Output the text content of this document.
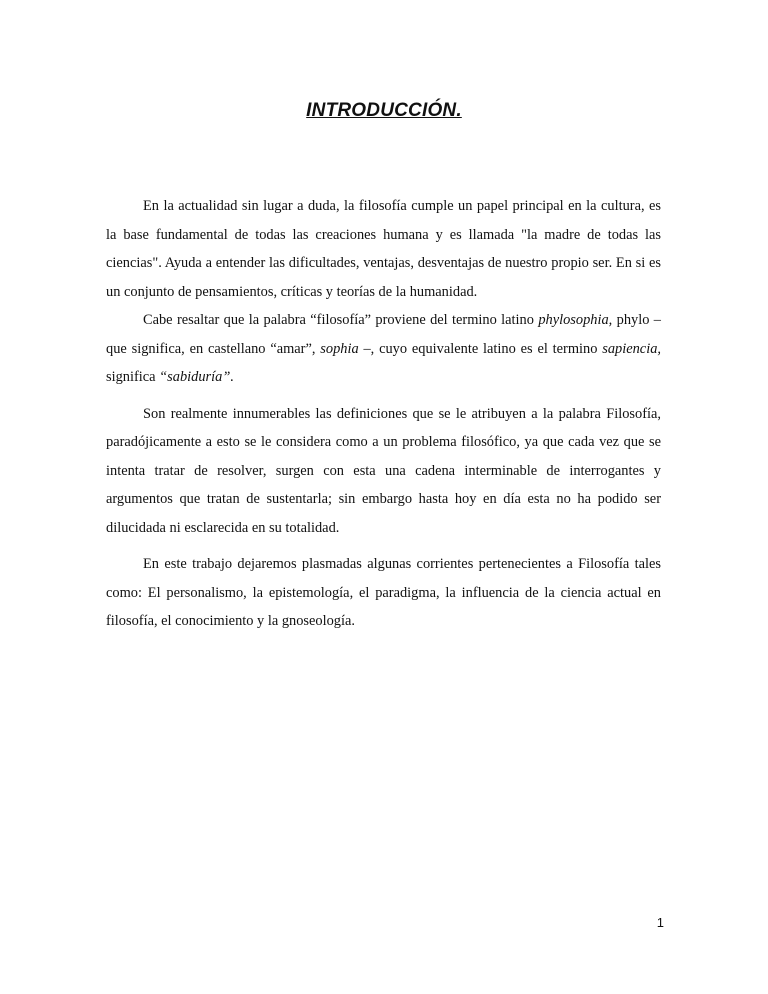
INTRODUCCIÓN.

En la actualidad sin lugar a duda, la filosofía cumple un papel principal en la cultura, es la base fundamental de todas las creaciones humana y es llamada "la madre de todas las ciencias". Ayuda a entender las dificultades, ventajas, desventajas de nuestro propio ser. En si es un conjunto de pensamientos, críticas y teorías de la humanidad.

Cabe resaltar que la palabra “filosofía” proviene del termino latino phylosophia, phylo –que significa, en castellano “amar”, sophia –, cuyo equivalente latino es el termino sapiencia, significa “sabiduría”.

Son realmente innumerables las definiciones que se le atribuyen a la palabra Filosofía, paradójicamente a esto se le considera como a un problema filosófico, ya que cada vez que se intenta tratar de resolver, surgen con esta una cadena interminable de interrogantes y argumentos que tratan de sustentarla; sin embargo hasta hoy en día esta no ha podido ser dilucidada ni esclarecida en su totalidad.

En este trabajo dejaremos plasmadas algunas corrientes pertenecientes a Filosofía tales como: El personalismo, la epistemología, el paradigma, la influencia de la ciencia actual en filosofía, el conocimiento y la gnoseología.

1
